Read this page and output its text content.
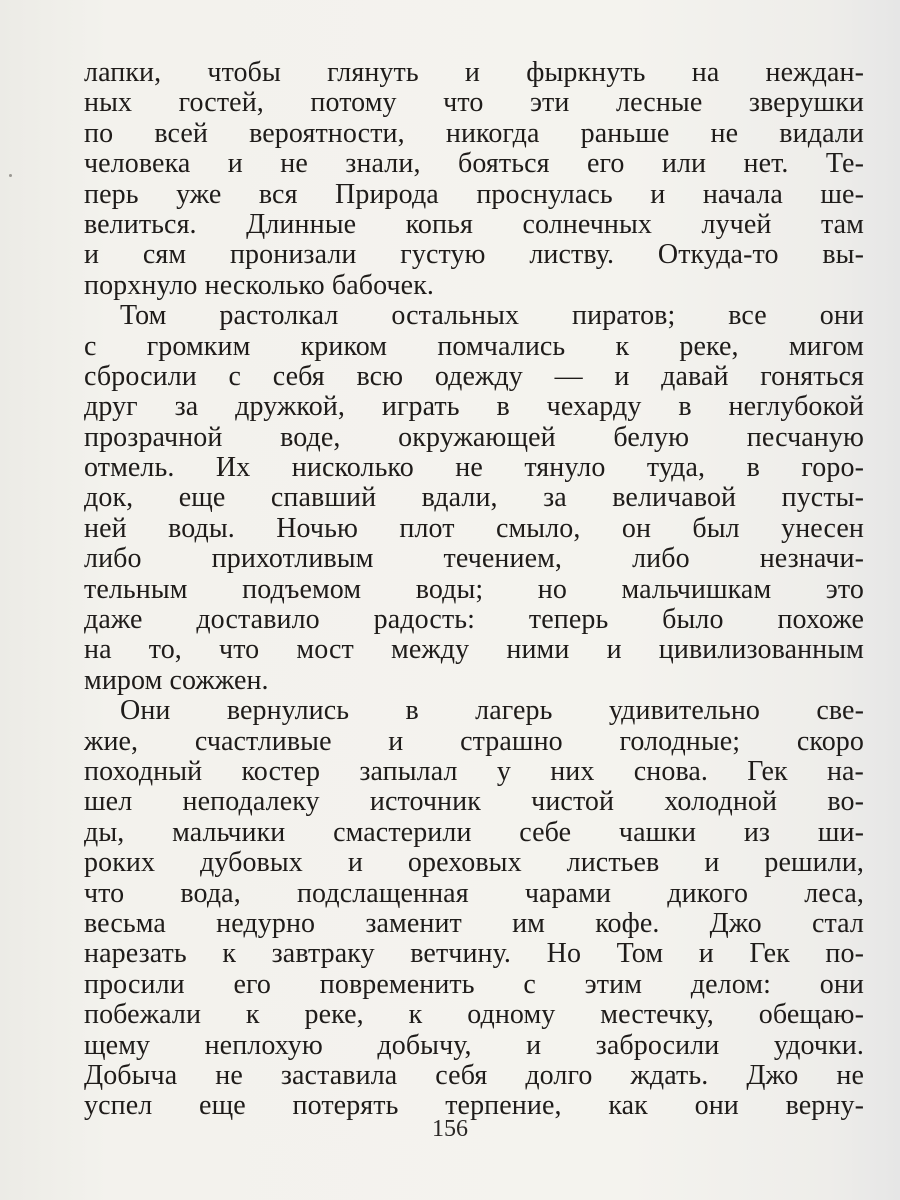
лапки, чтобы глянуть и фыркнуть на неждан-
ных гостей, потому что эти лесные зверушки
по всей вероятности, никогда раньше не видали
человека и не знали, бояться его или нет. Те-
перь уже вся Природа проснулась и начала ше-
велиться. Длинные копья солнечных лучей там
и сям пронизали густую листву. Откуда-то вы-
порхнуло несколько бабочек.
Том растолкал остальных пиратов; все они
с громким криком помчались к реке, мигом
сбросили с себя всю одежду — и давай гоняться
друг за дружкой, играть в чехарду в неглубокой
прозрачной воде, окружающей белую песчаную
отмель. Их нисколько не тянуло туда, в горо-
док, еще спавший вдали, за величавой пусты-
ней воды. Ночью плот смыло, он был унесен
либо прихотливым течением, либо незначи-
тельным подъемом воды; но мальчишкам это
даже доставило радость: теперь было похоже
на то, что мост между ними и цивилизованным
миром сожжен.
Они вернулись в лагерь удивительно све-
жие, счастливые и страшно голодные; скоро
походный костер запылал у них снова. Гек на-
шел неподалеку источник чистой холодной во-
ды, мальчики смастерили себе чашки из ши-
роких дубовых и ореховых листьев и решили,
что вода, подслащенная чарами дикого леса,
весьма недурно заменит им кофе. Джо стал
нарезать к завтраку ветчину. Но Том и Гек по-
просили его повременить с этим делом: они
побежали к реке, к одному местечку, обещаю-
щему неплохую добычу, и забросили удочки.
Добыча не заставила себя долго ждать. Джо не
успел еще потерять терпение, как они верну-
156
